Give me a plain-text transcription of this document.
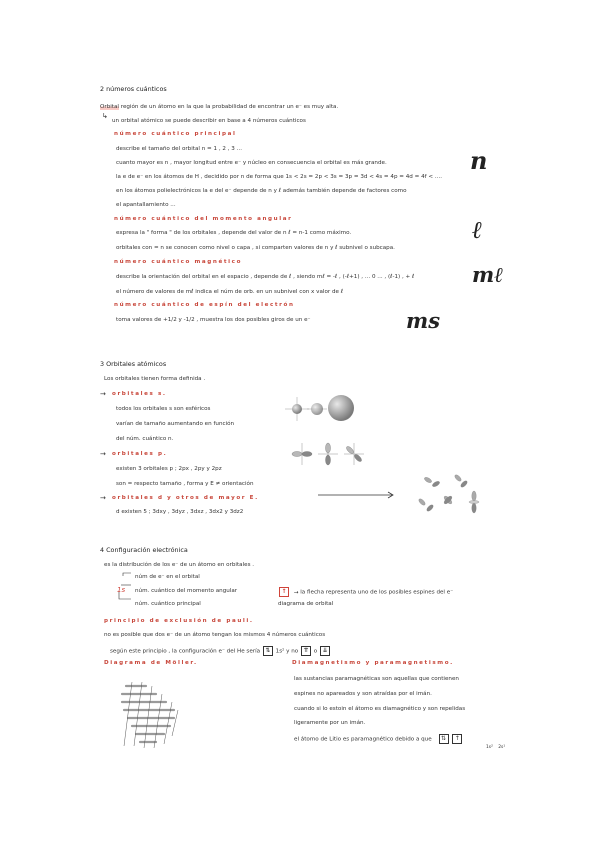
2 números cuánticos
Orbital región de un átomo en la que la probabilidad de encontrar un e⁻ es muy alta.
↳
un orbital atómico se puede describir en base a 4 números cuánticos
número cuántico principal
describe el tamaño del orbital n = 1 , 2 , 3 ...
cuanto mayor es n , mayor longitud entre e⁻ y núcleo en consecuencia el orbital es más grande.
la e de e⁻ en los átomos de H , decidido por n de forma que 1s < 2s = 2p < 3s = 3p = 3d < 4s = 4p = 4d = 4f < ....
en los átomos polielectrónicos la e del e⁻ depende de n y ℓ además también depende de factores como
el apantallamiento ...
número cuántico del momento angular
expresa la " forma " de los orbitales , depende del valor de n ℓ = n-1 como máximo.
orbitales con = n se conocen como nivel o capa , si comparten valores de n y ℓ subnivel o subcapa.
número cuántico magnético
describe la orientación del orbital en el espacio , depende de ℓ , siendo mℓ = -ℓ , (-ℓ+1) , ... 0 ... , (ℓ-1) , + ℓ
el número de valores de mℓ indica el núm de orb. en un subnivel con x valor de ℓ
número cuántico de espín del electrón
toma valores de +1/2 y -1/2 , muestra los dos posibles giros de un e⁻
n
ℓ
mℓ
ms
3 Orbitales atómicos
Los orbitales tienen forma definida .
→ orbitales s.
todos los orbitales s son esféricos
varían de tamaño aumentando en función
del núm. cuántico n.
→ orbitales p.
existen 3 orbitales p ; 2px , 2py y 2pz
son = respecto tamaño , forma y E ≠ orientación
→ orbitales d y otros de mayor E.
d existen 5 ; 3dxy , 3dyz , 3dxz , 3dx2 y 3dz2
4 Configuración electrónica
es la distribución de los e⁻ de un átomo en orbitales .
núm de e⁻ en el orbital
1s núm. cuántico del momento angular
núm. cuántico principal
↑ → la flecha representa uno de los posibles espines del e⁻
diagrama de orbital
principio de exclusión de pauli.
no es posible que dos e⁻ de un átomo tengan los mismos 4 números cuánticos
según este principio , la configuración e⁻ del He sería ⇅ 1s² y no ⇈ o ⇊
Diagrama de Möller.	Diamagnetismo y paramagnetismo.
las sustancias paramagnéticas son aquellas que contienen
espines no apareados y son atraídas por el imán.
cuando si lo estoin el átomo es diamagnético y son repelidas
ligeramente por un imán.
el átomo de Litio es paramagnético debido a que ⇅ ↑
1s² 2s¹
